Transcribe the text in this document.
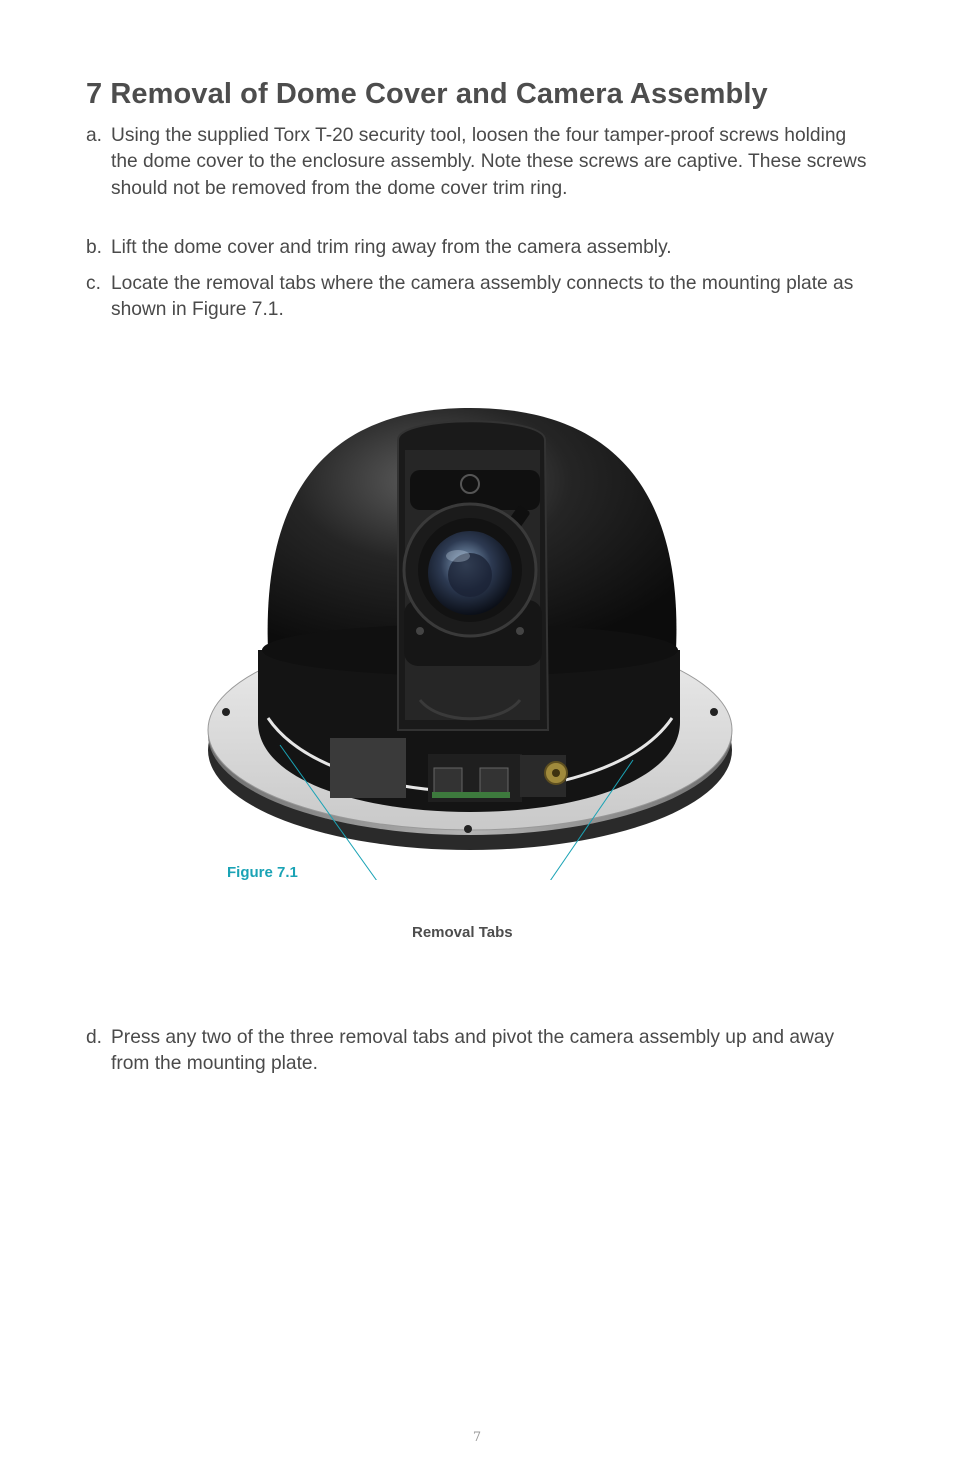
7 Removal of Dome Cover and Camera Assembly
a. Using the supplied Torx T-20 security tool, loosen the four tamper-proof screws holding the dome cover to the enclosure assembly. Note these screws are captive. These screws should not be removed from the dome cover trim ring.
b. Lift the dome cover and trim ring away from the camera assembly.
c. Locate the removal tabs where the camera assembly connects to the mounting plate as shown in Figure 7.1.
Figure 7.1
Removal Tabs
d. Press any two of the three removal tabs and pivot the camera assembly up and away from the mounting plate.
7
